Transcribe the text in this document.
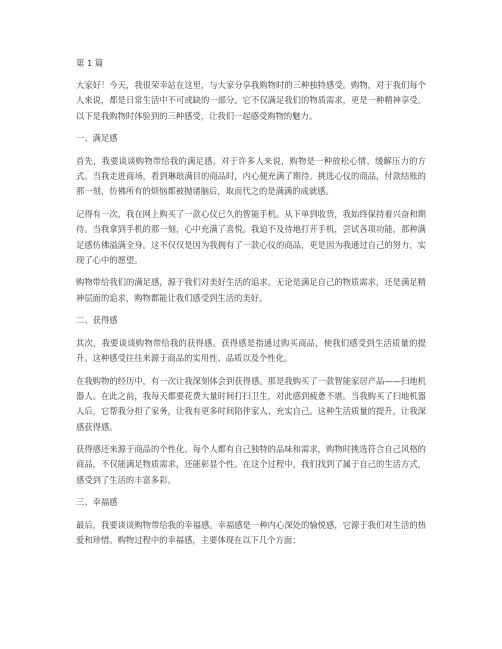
第 1 篇

大家好！今天，我很荣幸站在这里，与大家分享我购物时的三种独特感受。购物，对于我们每个人来说，都是日常生活中不可或缺的一部分。它不仅满足我们的物质需求，更是一种精神享受。以下是我购物时体验到的三种感受，让我们一起感受购物的魅力。

一、满足感

首先，我要谈谈购物带给我的满足感。对于许多人来说，购物是一种放松心情、缓解压力的方式。当我走进商场，看到琳琅满目的商品时，内心便充满了期待。挑选心仪的商品，付款结账的那一刻，仿佛所有的烦恼都被抛诸脑后，取而代之的是满满的成就感。

记得有一次，我在网上购买了一款心仪已久的智能手机。从下单到收货，我始终保持着兴奋和期待。当我拿到手机的那一刻，心中充满了喜悦。我迫不及待地打开手机，尝试各项功能，那种满足感仿佛溢满全身。这不仅仅是因为我拥有了一款心仪的商品，更是因为我通过自己的努力，实现了心中的愿望。

购物带给我们的满足感，源于我们对美好生活的追求。无论是满足自己的物质需求，还是满足精神层面的追求，购物都能让我们感受到生活的美好。

二、获得感

其次，我要谈谈购物带给我的获得感。获得感是指通过购买商品，使我们感受到生活质量的提升。这种感受往往来源于商品的实用性、品质以及个性化。

在我购物的经历中，有一次让我深刻体会到获得感。那是我购买了一款智能家居产品——扫地机器人。在此之前，我每天都要花费大量时间打扫卫生，对此感到疲惫不堪。当我购买了扫地机器人后，它帮我分担了家务，让我有更多时间陪伴家人、充实自己。这种生活质量的提升，让我深感获得感。

获得感还来源于商品的个性化。每个人都有自己独特的品味和需求，购物时挑选符合自己风格的商品，不仅能满足物质需求，还能彰显个性。在这个过程中，我们找到了属于自己的生活方式，感受到了生活的丰富多彩。

三、幸福感

最后，我要谈谈购物带给我的幸福感。幸福感是一种内心深处的愉悦感，它源于我们对生活的热爱和珍惜。购物过程中的幸福感，主要体现在以下几个方面：
